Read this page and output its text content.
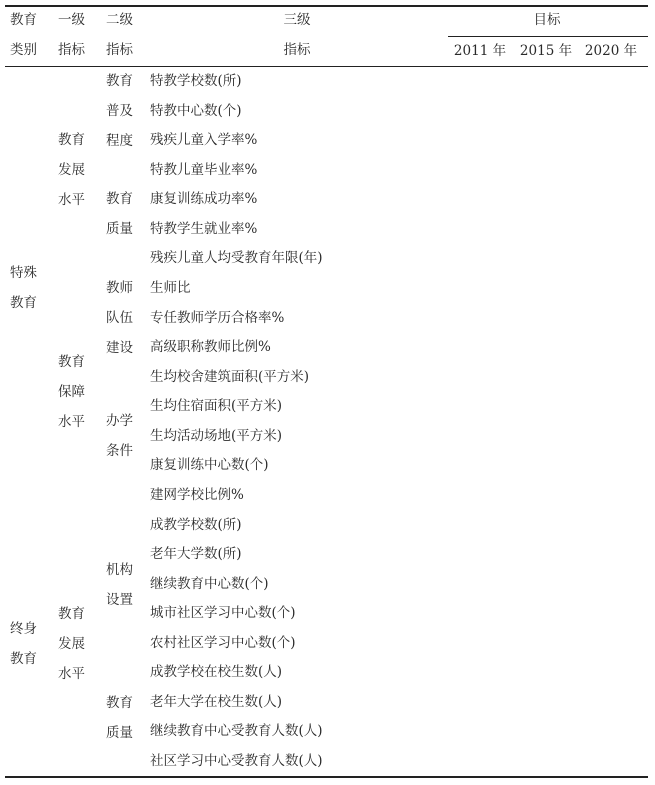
教育
类别
一级
指标
二级
指标
三级
指标
目标
2011 年 2015 年 2020 年
特殊
教育
终身
教育
教育
发展
水平
教育
保障
水平
教育
发展
水平
教育
普及
程度
教育
质量
教师
队伍
建设
办学
条件
机构
设置
教育
质量
特教学校数(所)
特教中心数(个)
残疾儿童入学率%
特教儿童毕业率%
康复训练成功率%
特教学生就业率%
残疾儿童人均受教育年限(年)
生师比
专任教师学历合格率%
高级职称教师比例%
生均校舍建筑面积(平方米)
生均住宿面积(平方米)
生均活动场地(平方米)
康复训练中心数(个)
建网学校比例%
成教学校数(所)
老年大学数(所)
继续教育中心数(个)
城市社区学习中心数(个)
农村社区学习中心数(个)
成教学校在校生数(人)
老年大学在校生数(人)
继续教育中心受教育人数(人)
社区学习中心受教育人数(人)
